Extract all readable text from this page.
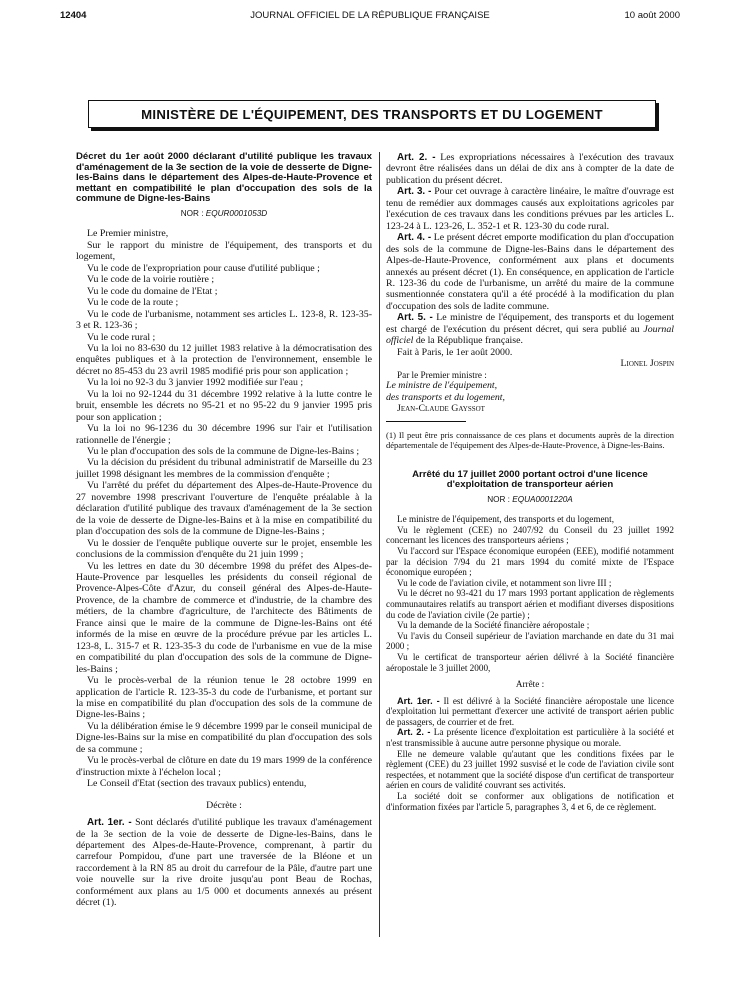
12404	JOURNAL OFFICIEL DE LA RÉPUBLIQUE FRANÇAISE	10 août 2000
MINISTÈRE DE L'ÉQUIPEMENT, DES TRANSPORTS ET DU LOGEMENT

Décret du 1er août 2000 déclarant d'utilité publique les travaux d'aménagement de la 3e section de la voie de desserte de Digne-les-Bains dans le département des Alpes-de-Haute-Provence et mettant en compatibilité le plan d'occupation des sols de la commune de Digne-les-Bains

NOR : EQUR0001053D

Le Premier ministre,

Sur le rapport du ministre de l'équipement, des transports et du logement,

Vu le code de l'expropriation pour cause d'utilité publique ;

Vu le code de la voirie routière ;

Vu le code du domaine de l'Etat ;

Vu le code de la route ;

Vu le code de l'urbanisme, notamment ses articles L. 123-8, R. 123-35-3 et R. 123-36 ;

Vu le code rural ;

Vu la loi no 83-630 du 12 juillet 1983 relative à la démocratisation des enquêtes publiques et à la protection de l'environnement, ensemble le décret no 85-453 du 23 avril 1985 modifié pris pour son application ;

Vu la loi no 92-3 du 3 janvier 1992 modifiée sur l'eau ;

Vu la loi no 92-1244 du 31 décembre 1992 relative à la lutte contre le bruit, ensemble les décrets no 95-21 et no 95-22 du 9 janvier 1995 pris pour son application ;

Vu la loi no 96-1236 du 30 décembre 1996 sur l'air et l'utilisation rationnelle de l'énergie ;

Vu le plan d'occupation des sols de la commune de Digne-les-Bains ;

Vu la décision du président du tribunal administratif de Marseille du 23 juillet 1998 désignant les membres de la commission d'enquête ;

Vu l'arrêté du préfet du département des Alpes-de-Haute-Provence du 27 novembre 1998 prescrivant l'ouverture de l'enquête préalable à la déclaration d'utilité publique des travaux d'aménagement de la 3e section de la voie de desserte de Digne-les-Bains et à la mise en compatibilité du plan d'occupation des sols de la commune de Digne-les-Bains ;

Vu le dossier de l'enquête publique ouverte sur le projet, ensemble les conclusions de la commission d'enquête du 21 juin 1999 ;

Vu les lettres en date du 30 décembre 1998 du préfet des Alpes-de-Haute-Provence par lesquelles les présidents du conseil régional de Provence-Alpes-Côte d'Azur, du conseil général des Alpes-de-Haute-Provence, de la chambre de commerce et d'industrie, de la chambre des métiers, de la chambre d'agriculture, de l'architecte des Bâtiments de France ainsi que le maire de la commune de Digne-les-Bains ont été informés de la mise en œuvre de la procédure prévue par les articles L. 123-8, L. 315-7 et R. 123-35-3 du code de l'urbanisme en vue de la mise en compatibilité du plan d'occupation des sols de la commune de Digne-les-Bains ;

Vu le procès-verbal de la réunion tenue le 28 octobre 1999 en application de l'article R. 123-35-3 du code de l'urbanisme, et portant sur la mise en compatibilité du plan d'occupation des sols de la commune de Digne-les-Bains ;

Vu la délibération émise le 9 décembre 1999 par le conseil municipal de Digne-les-Bains sur la mise en compatibilité du plan d'occupation des sols de sa commune ;

Vu le procès-verbal de clôture en date du 19 mars 1999 de la conférence d'instruction mixte à l'échelon local ;

Le Conseil d'Etat (section des travaux publics) entendu,

Décrète :

Art. 1er. - Sont déclarés d'utilité publique les travaux d'aménagement de la 3e section de la voie de desserte de Digne-les-Bains, dans le département des Alpes-de-Haute-Provence, comprenant, à partir du carrefour Pompidou, d'une part une traversée de la Bléone et un raccordement à la RN 85 au droit du carrefour de la Pâle, d'autre part une voie nouvelle sur la rive droite jusqu'au pont Beau de Rochas, conformément aux plans au 1/5 000 et documents annexés au présent décret (1).

Art. 2. - Les expropriations nécessaires à l'exécution des travaux devront être réalisées dans un délai de dix ans à compter de la date de publication du présent décret.

Art. 3. - Pour cet ouvrage à caractère linéaire, le maître d'ouvrage est tenu de remédier aux dommages causés aux exploitations agricoles par l'exécution de ces travaux dans les conditions prévues par les articles L. 123-24 à L. 123-26, L. 352-1 et R. 123-30 du code rural.

Art. 4. - Le présent décret emporte modification du plan d'occupation des sols de la commune de Digne-les-Bains dans le département des Alpes-de-Haute-Provence, conformément aux plans et documents annexés au présent décret (1). En conséquence, en application de l'article R. 123-36 du code de l'urbanisme, un arrêté du maire de la commune susmentionnée constatera qu'il a été procédé à la modification du plan d'occupation des sols de ladite commune.

Art. 5. - Le ministre de l'équipement, des transports et du logement est chargé de l'exécution du présent décret, qui sera publié au Journal officiel de la République française.

Fait à Paris, le 1er août 2000.

Lionel Jospin

Par le Premier ministre :

Le ministre de l'équipement,

des transports et du logement,

Jean-Claude Gayssot

(1) Il peut être pris connaissance de ces plans et documents auprès de la direction départementale de l'équipement des Alpes-de-Haute-Provence, à Digne-les-Bains.

Arrêté du 17 juillet 2000 portant octroi d'une licence d'exploitation de transporteur aérien

NOR : EQUA0001220A

Le ministre de l'équipement, des transports et du logement,

Vu le règlement (CEE) no 2407/92 du Conseil du 23 juillet 1992 concernant les licences des transporteurs aériens ;

Vu l'accord sur l'Espace économique européen (EEE), modifié notamment par la décision 7/94 du 21 mars 1994 du comité mixte de l'Espace économique européen ;

Vu le code de l'aviation civile, et notamment son livre III ;

Vu le décret no 93-421 du 17 mars 1993 portant application de règlements communautaires relatifs au transport aérien et modifiant diverses dispositions du code de l'aviation civile (2e partie) ;

Vu la demande de la Société financière aéropostale ;

Vu l'avis du Conseil supérieur de l'aviation marchande en date du 31 mai 2000 ;

Vu le certificat de transporteur aérien délivré à la Société financière aéropostale le 3 juillet 2000,

Arrête :

Art. 1er. - Il est délivré à la Société financière aéropostale une licence d'exploitation lui permettant d'exercer une activité de transport aérien public de passagers, de courrier et de fret.

Art. 2. - La présente licence d'exploitation est particulière à la société et n'est transmissible à aucune autre personne physique ou morale.

Elle ne demeure valable qu'autant que les conditions fixées par le règlement (CEE) du 23 juillet 1992 susvisé et le code de l'aviation civile sont respectées, et notamment que la société dispose d'un certificat de transporteur aérien en cours de validité couvrant ses activités.

La société doit se conformer aux obligations de notification et d'information fixées par l'article 5, paragraphes 3, 4 et 6, de ce règlement.
